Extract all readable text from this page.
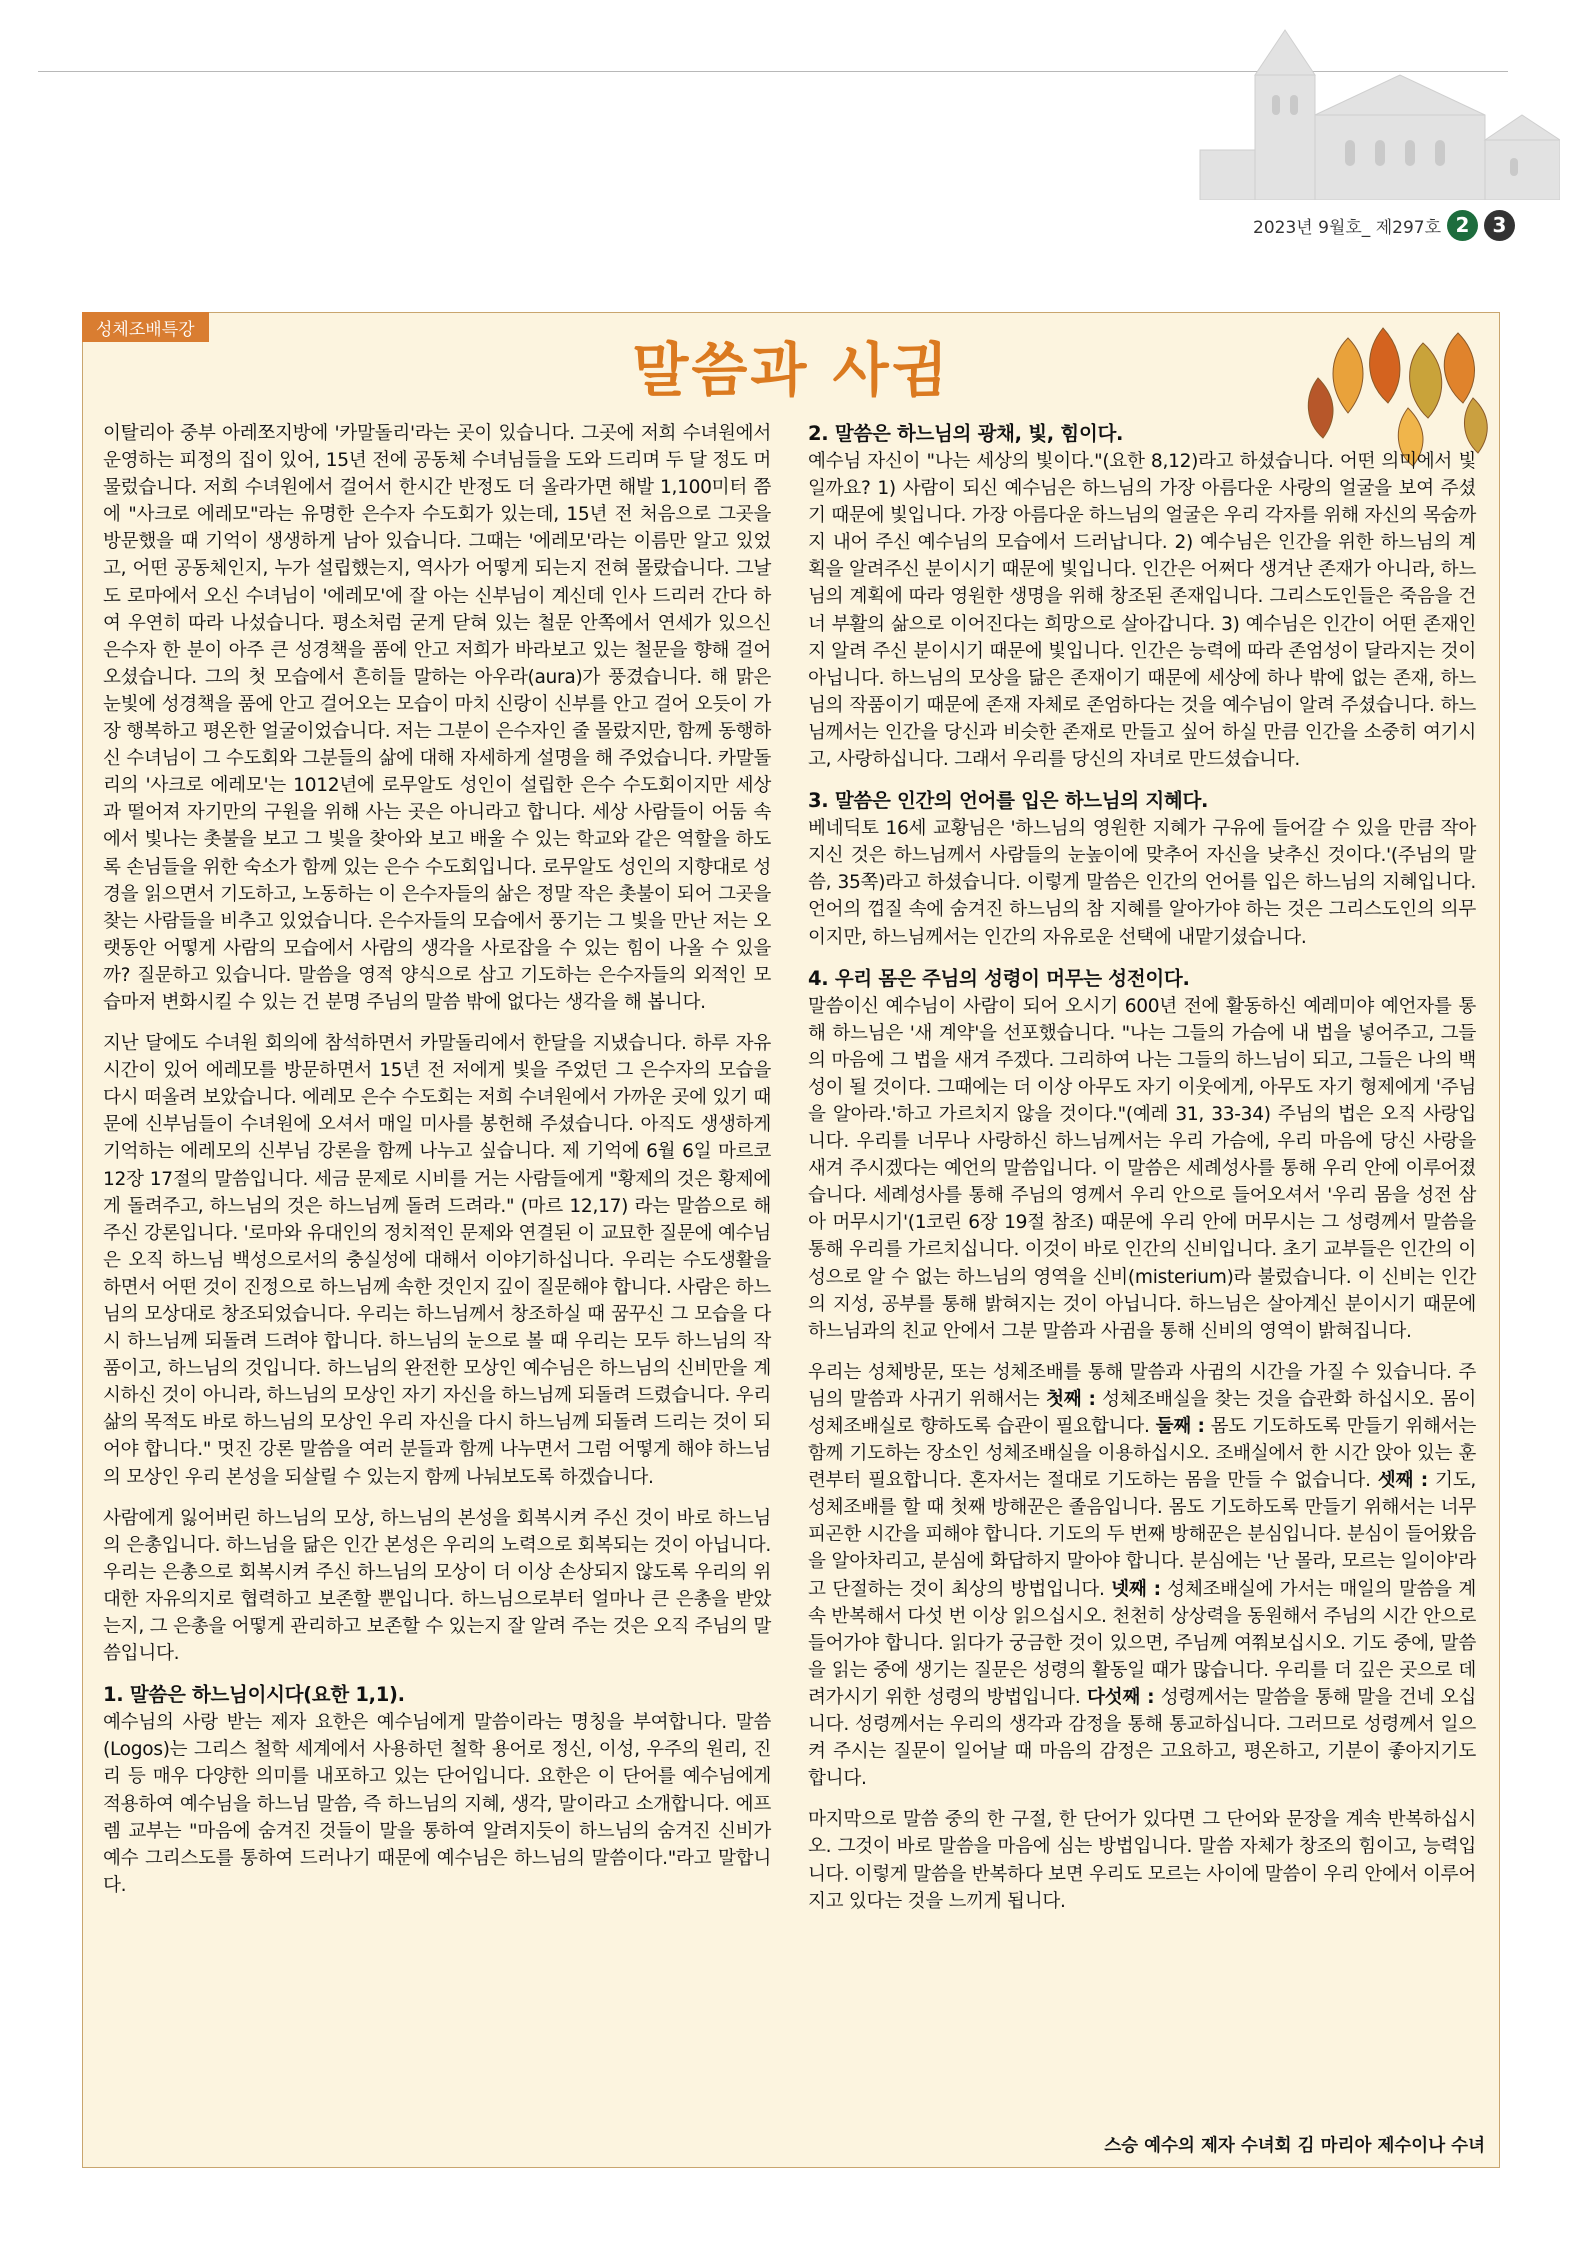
2023년 9월호_ 제297호 2	3
성체조배특강
말씀과 사귐

이탈리아 중부 아레쪼지방에 '카말돌리'라는 곳이 있습니다. 그곳에 저희 수녀원에서 운영하는 피정의 집이 있어, 15년 전에 공동체 수녀님들을 도와 드리며 두 달 정도 머물렀습니다. 저희 수녀원에서 걸어서 한시간 반정도 더 올라가면 해발 1,100미터 쯤에 "사크로 에레모"라는 유명한 은수자 수도회가 있는데, 15년 전 처음으로 그곳을 방문했을 때 기억이 생생하게 남아 있습니다. 그때는 '에레모'라는 이름만 알고 있었고, 어떤 공동체인지, 누가 설립했는지, 역사가 어떻게 되는지 전혀 몰랐습니다. 그날도 로마에서 오신 수녀님이 '에레모'에 잘 아는 신부님이 계신데 인사 드리러 간다 하여 우연히 따라 나섰습니다. 평소처럼 굳게 닫혀 있는 철문 안쪽에서 연세가 있으신 은수자 한 분이 아주 큰 성경책을 품에 안고 저희가 바라보고 있는 철문을 향해 걸어 오셨습니다. 그의 첫 모습에서 흔히들 말하는 아우라(aura)가 풍겼습니다. 해 맑은 눈빛에 성경책을 품에 안고 걸어오는 모습이 마치 신랑이 신부를 안고 걸어 오듯이 가장 행복하고 평온한 얼굴이었습니다. 저는 그분이 은수자인 줄 몰랐지만, 함께 동행하신 수녀님이 그 수도회와 그분들의 삶에 대해 자세하게 설명을 해 주었습니다. 카말돌리의 '사크로 에레모'는 1012년에 로무알도 성인이 설립한 은수 수도회이지만 세상과 떨어져 자기만의 구원을 위해 사는 곳은 아니라고 합니다. 세상 사람들이 어둠 속에서 빛나는 촛불을 보고 그 빛을 찾아와 보고 배울 수 있는 학교와 같은 역할을 하도록 손님들을 위한 숙소가 함께 있는 은수 수도회입니다. 로무알도 성인의 지향대로 성경을 읽으면서 기도하고, 노동하는 이 은수자들의 삶은 정말 작은 촛불이 되어 그곳을 찾는 사람들을 비추고 있었습니다. 은수자들의 모습에서 풍기는 그 빛을 만난 저는 오랫동안 어떻게 사람의 모습에서 사람의 생각을 사로잡을 수 있는 힘이 나올 수 있을까? 질문하고 있습니다. 말씀을 영적 양식으로 삼고 기도하는 은수자들의 외적인 모습마저 변화시킬 수 있는 건 분명 주님의 말씀 밖에 없다는 생각을 해 봅니다.

지난 달에도 수녀원 회의에 참석하면서 카말돌리에서 한달을 지냈습니다. 하루 자유 시간이 있어 에레모를 방문하면서 15년 전 저에게 빛을 주었던 그 은수자의 모습을 다시 떠올려 보았습니다. 에레모 은수 수도회는 저희 수녀원에서 가까운 곳에 있기 때문에 신부님들이 수녀원에 오셔서 매일 미사를 봉헌해 주셨습니다. 아직도 생생하게 기억하는 에레모의 신부님 강론을 함께 나누고 싶습니다. 제 기억에 6월 6일 마르코 12장 17절의 말씀입니다. 세금 문제로 시비를 거는 사람들에게 "황제의 것은 황제에게 돌려주고, 하느님의 것은 하느님께 돌려 드려라." (마르 12,17) 라는 말씀으로 해 주신 강론입니다. '로마와 유대인의 정치적인 문제와 연결된 이 교묘한 질문에 예수님은 오직 하느님 백성으로서의 충실성에 대해서 이야기하십니다. 우리는 수도생활을 하면서 어떤 것이 진정으로 하느님께 속한 것인지 깊이 질문해야 합니다. 사람은 하느님의 모상대로 창조되었습니다. 우리는 하느님께서 창조하실 때 꿈꾸신 그 모습을 다시 하느님께 되돌려 드려야 합니다. 하느님의 눈으로 볼 때 우리는 모두 하느님의 작품이고, 하느님의 것입니다. 하느님의 완전한 모상인 예수님은 하느님의 신비만을 계시하신 것이 아니라, 하느님의 모상인 자기 자신을 하느님께 되돌려 드렸습니다. 우리 삶의 목적도 바로 하느님의 모상인 우리 자신을 다시 하느님께 되돌려 드리는 것이 되어야 합니다." 멋진 강론 말씀을 여러 분들과 함께 나누면서 그럼 어떻게 해야 하느님의 모상인 우리 본성을 되살릴 수 있는지 함께 나눠보도록 하겠습니다.

사람에게 잃어버린 하느님의 모상, 하느님의 본성을 회복시켜 주신 것이 바로 하느님의 은총입니다. 하느님을 닮은 인간 본성은 우리의 노력으로 회복되는 것이 아닙니다. 우리는 은총으로 회복시켜 주신 하느님의 모상이 더 이상 손상되지 않도록 우리의 위대한 자유의지로 협력하고 보존할 뿐입니다. 하느님으로부터 얼마나 큰 은총을 받았는지, 그 은총을 어떻게 관리하고 보존할 수 있는지 잘 알려 주는 것은 오직 주님의 말씀입니다.

1. 말씀은 하느님이시다(요한 1,1).
예수님의 사랑 받는 제자 요한은 예수님에게 말씀이라는 명칭을 부여합니다. 말씀(Logos)는 그리스 철학 세계에서 사용하던 철학 용어로 정신, 이성, 우주의 원리, 진리 등 매우 다양한 의미를 내포하고 있는 단어입니다. 요한은 이 단어를 예수님에게 적용하여 예수님을 하느님 말씀, 즉 하느님의 지혜, 생각, 말이라고 소개합니다. 에프렘 교부는 "마음에 숨겨진 것들이 말을 통하여 알려지듯이 하느님의 숨겨진 신비가 예수 그리스도를 통하여 드러나기 때문에 예수님은 하느님의 말씀이다."라고 말합니다.
2. 말씀은 하느님의 광채, 빛, 힘이다.
예수님 자신이 "나는 세상의 빛이다."(요한 8,12)라고 하셨습니다. 어떤 의미에서 빛일까요? 1) 사람이 되신 예수님은 하느님의 가장 아름다운 사랑의 얼굴을 보여 주셨기 때문에 빛입니다. 가장 아름다운 하느님의 얼굴은 우리 각자를 위해 자신의 목숨까지 내어 주신 예수님의 모습에서 드러납니다. 2) 예수님은 인간을 위한 하느님의 계획을 알려주신 분이시기 때문에 빛입니다. 인간은 어쩌다 생겨난 존재가 아니라, 하느님의 계획에 따라 영원한 생명을 위해 창조된 존재입니다. 그리스도인들은 죽음을 건너 부활의 삶으로 이어진다는 희망으로 살아갑니다. 3) 예수님은 인간이 어떤 존재인지 알려 주신 분이시기 때문에 빛입니다. 인간은 능력에 따라 존엄성이 달라지는 것이 아닙니다. 하느님의 모상을 닮은 존재이기 때문에 세상에 하나 밖에 없는 존재, 하느님의 작품이기 때문에 존재 자체로 존엄하다는 것을 예수님이 알려 주셨습니다. 하느님께서는 인간을 당신과 비슷한 존재로 만들고 싶어 하실 만큼 인간을 소중히 여기시고, 사랑하십니다. 그래서 우리를 당신의 자녀로 만드셨습니다.
3. 말씀은 인간의 언어를 입은 하느님의 지혜다.
베네딕토 16세 교황님은 '하느님의 영원한 지혜가 구유에 들어갈 수 있을 만큼 작아지신 것은 하느님께서 사람들의 눈높이에 맞추어 자신을 낮추신 것이다.'(주님의 말씀, 35쪽)라고 하셨습니다. 이렇게 말씀은 인간의 언어를 입은 하느님의 지혜입니다. 언어의 껍질 속에 숨겨진 하느님의 참 지혜를 알아가야 하는 것은 그리스도인의 의무이지만, 하느님께서는 인간의 자유로운 선택에 내맡기셨습니다.
4. 우리 몸은 주님의 성령이 머무는 성전이다.
말씀이신 예수님이 사람이 되어 오시기 600년 전에 활동하신 예레미야 예언자를 통해 하느님은 '새 계약'을 선포했습니다. "나는 그들의 가슴에 내 법을 넣어주고, 그들의 마음에 그 법을 새겨 주겠다. 그리하여 나는 그들의 하느님이 되고, 그들은 나의 백성이 될 것이다. 그때에는 더 이상 아무도 자기 이웃에게, 아무도 자기 형제에게 '주님을 알아라.'하고 가르치지 않을 것이다."(예레 31, 33-34) 주님의 법은 오직 사랑입니다. 우리를 너무나 사랑하신 하느님께서는 우리 가슴에, 우리 마음에 당신 사랑을 새겨 주시겠다는 예언의 말씀입니다. 이 말씀은 세례성사를 통해 우리 안에 이루어졌습니다. 세례성사를 통해 주님의 영께서 우리 안으로 들어오셔서 '우리 몸을 성전 삼아 머무시기'(1코린 6장 19절 참조) 때문에 우리 안에 머무시는 그 성령께서 말씀을 통해 우리를 가르치십니다. 이것이 바로 인간의 신비입니다. 초기 교부들은 인간의 이성으로 알 수 없는 하느님의 영역을 신비(misterium)라 불렀습니다. 이 신비는 인간의 지성, 공부를 통해 밝혀지는 것이 아닙니다. 하느님은 살아계신 분이시기 때문에 하느님과의 친교 안에서 그분 말씀과 사귐을 통해 신비의 영역이 밝혀집니다.

우리는 성체방문, 또는 성체조배를 통해 말씀과 사귐의 시간을 가질 수 있습니다. 주님의 말씀과 사귀기 위해서는 첫째 : 성체조배실을 찾는 것을 습관화 하십시오. 몸이 성체조배실로 향하도록 습관이 필요합니다. 둘째 : 몸도 기도하도록 만들기 위해서는 함께 기도하는 장소인 성체조배실을 이용하십시오. 조배실에서 한 시간 앉아 있는 훈련부터 필요합니다. 혼자서는 절대로 기도하는 몸을 만들 수 없습니다. 셋째 : 기도, 성체조배를 할 때 첫째 방해꾼은 졸음입니다. 몸도 기도하도록 만들기 위해서는 너무 피곤한 시간을 피해야 합니다. 기도의 두 번째 방해꾼은 분심입니다. 분심이 들어왔음을 알아차리고, 분심에 화답하지 말아야 합니다. 분심에는 '난 몰라, 모르는 일이야'라고 단절하는 것이 최상의 방법입니다. 넷째 : 성체조배실에 가서는 매일의 말씀을 계속 반복해서 다섯 번 이상 읽으십시오. 천천히 상상력을 동원해서 주님의 시간 안으로 들어가야 합니다. 읽다가 궁금한 것이 있으면, 주님께 여쭤보십시오. 기도 중에, 말씀을 읽는 중에 생기는 질문은 성령의 활동일 때가 많습니다. 우리를 더 깊은 곳으로 데려가시기 위한 성령의 방법입니다. 다섯째 : 성령께서는 말씀을 통해 말을 건네 오십니다. 성령께서는 우리의 생각과 감정을 통해 통교하십니다. 그러므로 성령께서 일으켜 주시는 질문이 일어날 때 마음의 감정은 고요하고, 평온하고, 기분이 좋아지기도 합니다.

마지막으로 말씀 중의 한 구절, 한 단어가 있다면 그 단어와 문장을 계속 반복하십시오. 그것이 바로 말씀을 마음에 심는 방법입니다. 말씀 자체가 창조의 힘이고, 능력입니다. 이렇게 말씀을 반복하다 보면 우리도 모르는 사이에 말씀이 우리 안에서 이루어지고 있다는 것을 느끼게 됩니다.

스승 예수의 제자 수녀회 김 마리아 제수이나 수녀
